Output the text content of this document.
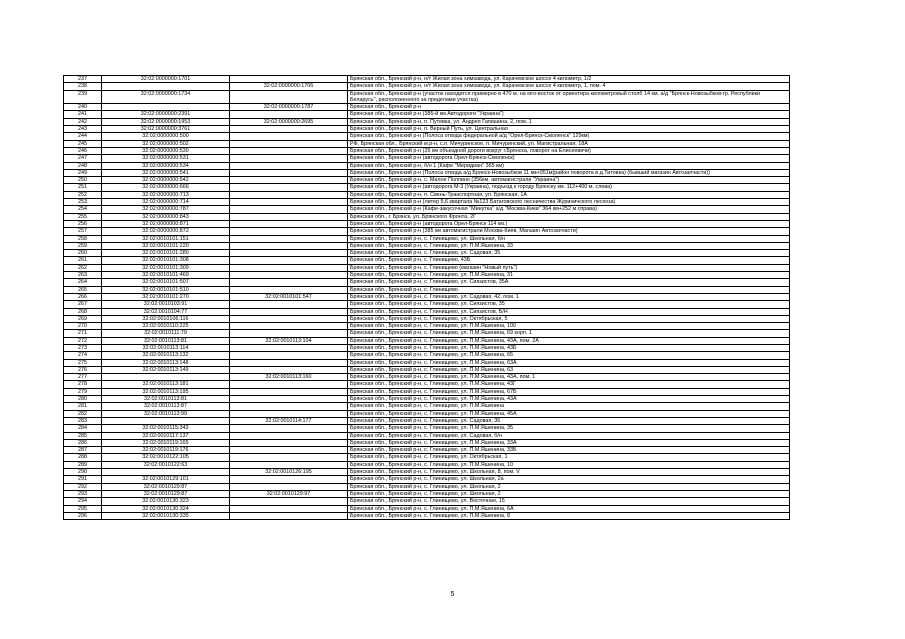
237	32:02:0000000:1701		Брянская обл., Брянский р-н, н/т Жилая зона химзавода, ул. Карачевское шоссе 4 километр, 1/2
238		32:02:0000000:1706	Брянская обл., Брянский р-н, н/т Жилая зона химзавода, ул. Карачевское шоссе 4 километр, 1, пом. 4
239	32:02:0000000:1734		Брянская обл., Брянский р-н (участок находится примерно в 470 м. на юго-восток от ориентира километровый столб 14 км. а/д "Брянск-Новозыбков-гр. Республики Беларусь", расположенного за пределами участка)
240		32:02:0000000:1787	Брянская обл., Брянский р-н
241	32:02:0000000:2391		Брянская обл., Брянский р-н (385-й км Автодороги "Украина")
242	32:02:0000000:1953	32:02:0000000:2695	Брянская обл., Брянский р-н, п. Путевка, ул. Андрея Гапишина, 2, пом. 1
243	32:02:0000000:3761		Брянская обл., Брянский р-н, п. Верный Путь, ул. Центральная
244	32:02:0000000:500		Брянская обл., Брянский р-н (Полоса отвода федеральной а/д "Орел-Брянск-Смоленск" 129км)
245	32:02:0000000:502		РФ, Брянская обл., Брянский м.р-н, с.п. Мичуринское, п. Мичуринский, ул. Магистральная, 18А
246	32:02:0000000:530		Брянская обл., Брянский р-н (26 км объездной дороги вокруг г.Брянска, поворот на Елисеевичи)
247	32:02:0000000:531		Брянская обл., Брянский р-н (автодорога Орел-Брянск-Смоленск)
248	32:02:0000000:534		Брянская обл., Брянский р-н, б/н 1 (Кафе "Меридиан" 365 км)
249	32:02:0000000:541		Брянская обл., Брянский р-н (Полоса отвода а/д Брянск-Новозыбков 11 км+951м(район поворота в д.Титовка) (бывший магазин Автозапчасти))
250	32:02:0000000:542		Брянская обл., Брянский р-н, с. Малое Полпино (356км. автомагистрали "Украина")
251	32:02:0000000:666		Брянская обл., Брянский р-н (автодорога М-3 (Украина), подъезд к городу Брянску км. 112+400 м. слева)
252	32:02:0000000:713		Брянская обл., Брянский р-н, п. Свень-Транспортная, ул. Брянская, 1А
253	32:02:0000000:714		Брянская обл., Брянский р-н (литер 5,6 квартала №123 Батаговского лесничества Журиничского лесхоза)
254	32:02:0000000:787		Брянская обл., Брянский р-н (Кафе-закусочная "Минутка" а/д "Москва-Киев" 364 км+252 м справа)
255	32:02:0000000:843		Брянская обл., г. Брянск, ул. Брянского Фронта, 2Г
256	32:02:0000000:871		Брянская обл., Брянский р-н (автодорога Орел-Брянск 114 км.)
257	32:02:0000000:872		Брянская обл., Брянский р-н (385 км автомагистрали Москва-Киев, Магазин Автозапчасти)
258	32:02:0010101:151		Брянская обл., Брянский р-н, с. Глинищево, ул. Школьная, б/н
259	32:02:0010101:220		Брянская обл., Брянский р-н, с. Глинищево, ул. П.М.Яшенина, 33
260	32:02:0010101:280		Брянская обл., Брянский р-н, с. Глинищево, ул. Садовая, 35
261	32:02:0010101:308		Брянская обл., Брянский р-н, с. Глинищево, 43Б
262	32:02:0010101:309		Брянская обл., Брянский р-н, с. Глинищево (магазин "Новый путь")
263	32:02:0010101:469		Брянская обл., Брянский р-н, с. Глинищево, ул. П.М.Яшенина, 31
264	32:02:0010101:507		Брянская обл., Брянский р-н, с. Глинищево, ул. Сиязистов, 35А
265	32:02:0010101:510		Брянская обл., Брянский р-н, с. Глинищево
266	32:02:0010101:270	32:02:0010101:547	Брянская обл., Брянский р-н, с. Глинищево, ул. Садовая, 42, пом. 1
267	32:02:0010103:91		Брянская обл., Брянский р-н, с. Глинищево, ул. Сиязистов, 35
268	32:02:0010104:77		Брянская обл., Брянский р-н, с. Глинищево, ул. Сиязистов, Б/Н
269	32:02:0010106:116		Брянская обл., Брянский р-н, с. Глинищево, ул. Октябрьская, 5
270	32:02:0010110:225		Брянская обл., Брянский р-н, с. Глинищево, ул. П.М.Яшенина, 100
271	32:02:0010111:79		Брянская обл., Брянский р-н, с. Глинищево, ул. П.М.Яшенина, 69 корп. 1
272	32:02:0010113:81	32:02:0010113:104	Брянская обл., Брянский р-н, с. Глинищево, ул. П.М.Яшенина, 43А, пом. 2А
273	32:02:0010113:114		Брянская обл., Брянский р-н, с. Глинищево, ул. П.М.Яшенина, 43Б
274	32:02:0010113:132		Брянская обл., Брянский р-н, с. Глинищево, ул. П.М.Яшенина, 65
275	32:02:0010113:148		Брянская обл., Брянский р-н, с. Глинищево, ул. П.М.Яшенина, 63А
276	32:02:0010113:149		Брянская обл., Брянский р-н, с. Глинищево, ул. П.М.Яшенина, 63
277		32:02:0010113:160	Брянская обл., Брянский р-н, с. Глинищево, ул. П.М.Яшенина, 43А, пом. 1
278	32:02:0010113:181		Брянская обл., Брянский р-н, с. Глинищево, ул. П.М.Яшенина, 43Г
279	32:02:0010113:195		Брянская обл., Брянский р-н, с. Глинищево, ул. П.М.Яшенина, 67Б
280	32:02:0010113:81		Брянская обл., Брянский р-н, с. Глинищево, ул. П.М.Яшенина, 43А
281	32:02:0010113:87		Брянская обл., Брянский р-н, с. Глинищево, ул. П.М.Яшенина
282	32:02:0010113:99		Брянская обл., Брянский р-н, с. Глинищево, ул. П.М.Яшенина, 45А
283		32:02:0010114:177	Брянская обл., Брянский р-н, с. Глинищево, ул. Садовая, 36
284	32:02:0010115:343		Брянская обл., Брянский р-н, с. Глинищево, ул. П.М.Яшенина, 35
285	32:02:0010117:137		Брянская обл., Брянский р-н, с. Глинищево, ул. Садовая, б/н
286	32:02:0010119:165		Брянская обл., Брянский р-н, с. Глинищево, ул. П.М.Яшенина, 33А
287	32:02:0010119:176		Брянская обл., Брянский р-н, с. Глинищево, ул. П.М.Яшенина, 33Б
288	32:02:0010122:105		Брянская обл., Брянский р-н, с. Глинищево, ул. Октябрьская, 1
289	32:02:0010122:63		Брянская обл., Брянский р-н, с. Глинищево, ул. П.М.Яшенина, 10
290		32:02:0010126:195	Брянская обл., Брянский р-н, с. Глинищево, ул. Школьная, 8, пом. V
291	32:02:0010129:101		Брянская обл., Брянский р-н, с. Глинищево, ул. Школьная, 2а
292	32:02:0010129:87		Брянская обл., Брянский р-н, с. Глинищево, ул. Школьная, 2
293	32:02:0010129:87	32:02:0010129:97	Брянская обл., Брянский р-н, с. Глинищево, ул. Школьная, 2
294	32:02:0010130:323		Брянская обл., Брянский р-н, с. Глинищево, ул. Восточная, 15
295	32:02:0010130:324		Брянская обл., Брянский р-н, с. Глинищево, ул. П.М.Яшенина, 6А
296	32:02:0010130:335		Брянская обл., Брянский р-н, с. Глинищево, ул. П.М.Яшенина, 8
5
